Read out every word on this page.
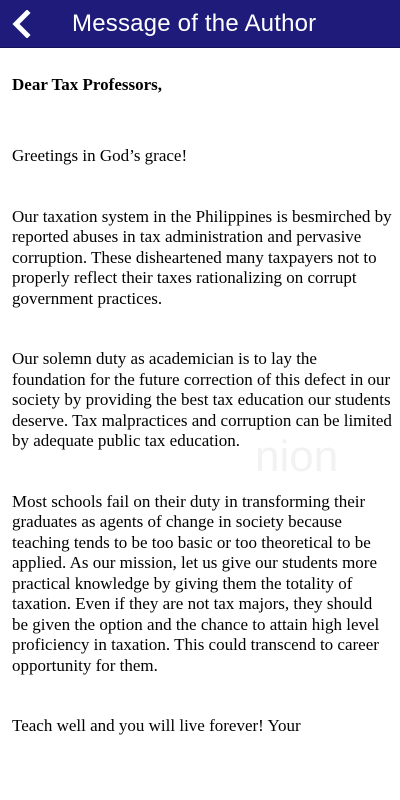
Message of the Author
nion

Dear Tax Professors,

Greetings in God’s grace!

Our taxation system in the Philippines is besmirched by reported abuses in tax administration and pervasive corruption. These disheartened many taxpayers not to properly reflect their taxes rationalizing on corrupt government practices.

Our solemn duty as academician is to lay the foundation for the future correction of this defect in our society by providing the best tax education our students deserve. Tax malpractices and corruption can be limited by adequate public tax education.

Most schools fail on their duty in transforming their graduates as agents of change in society because teaching tends to be too basic or too theoretical to be applied. As our mission, let us give our students more practical knowledge by giving them the totality of taxation. Even if they are not tax majors, they should be given the option and the chance to attain high level proficiency in taxation. This could transcend to career opportunity for them.

Teach well and you will live forever! Your
